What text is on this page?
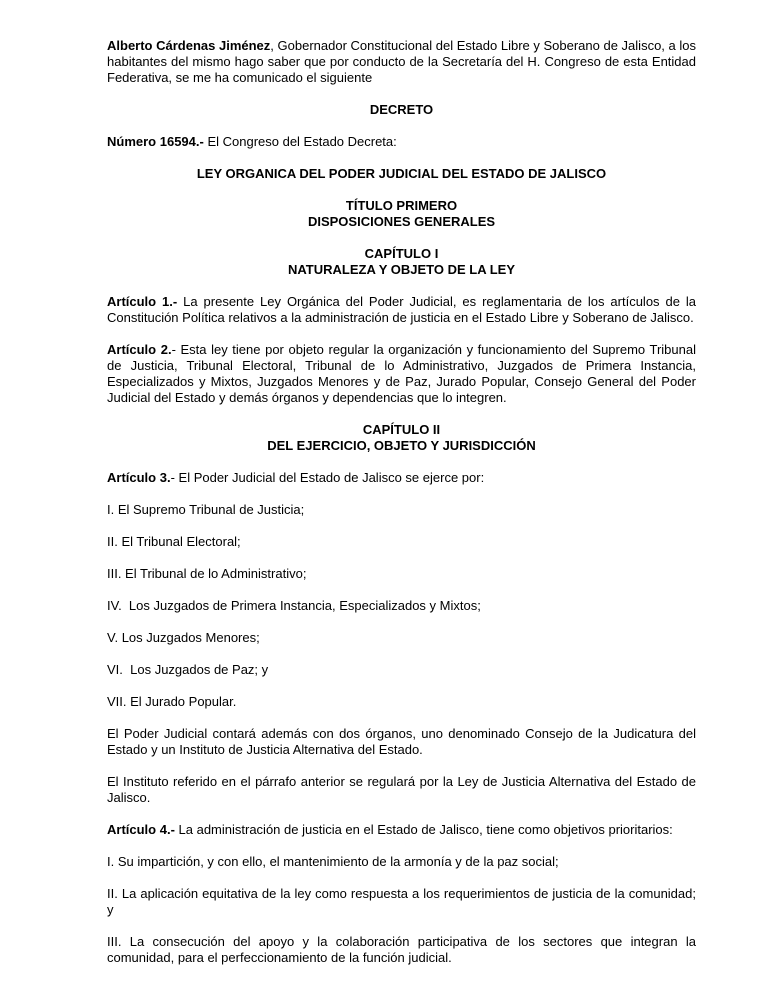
Alberto Cárdenas Jiménez, Gobernador Constitucional del Estado Libre y Soberano de Jalisco, a los habitantes del mismo hago saber que por conducto de la Secretaría del H. Congreso de esta Entidad Federativa, se me ha comunicado el siguiente

DECRETO

Número 16594.- El Congreso del Estado Decreta:

LEY ORGANICA DEL PODER JUDICIAL DEL ESTADO DE JALISCO

TÍTULO PRIMERO

DISPOSICIONES GENERALES

CAPÍTULO I

NATURALEZA Y OBJETO DE LA LEY

Artículo 1.- La presente Ley Orgánica del Poder Judicial, es reglamentaria de los artículos de la Constitución Política relativos a la administración de justicia en el Estado Libre y Soberano de Jalisco.

Artículo 2.- Esta ley tiene por objeto regular la organización y funcionamiento del Supremo Tribunal de Justicia, Tribunal Electoral, Tribunal de lo Administrativo, Juzgados de Primera Instancia, Especializados y Mixtos, Juzgados Menores y de Paz, Jurado Popular, Consejo General del Poder Judicial del Estado y demás órganos y dependencias que lo integren.

CAPÍTULO II

DEL EJERCICIO, OBJETO Y JURISDICCIÓN

Artículo 3.- El Poder Judicial del Estado de Jalisco se ejerce por:

I. El Supremo Tribunal de Justicia;

II. El Tribunal Electoral;

III. El Tribunal de lo Administrativo;

IV.  Los Juzgados de Primera Instancia, Especializados y Mixtos;

V. Los Juzgados Menores;

VI.  Los Juzgados de Paz; y

VII. El Jurado Popular.

El Poder Judicial contará además con dos órganos, uno denominado Consejo de la Judicatura del Estado y un Instituto de Justicia Alternativa del Estado.

El Instituto referido en el párrafo anterior se regulará por la Ley de Justicia Alternativa del Estado de Jalisco.

Artículo 4.- La administración de justicia en el Estado de Jalisco, tiene como objetivos prioritarios:

I. Su impartición, y con ello, el mantenimiento de la armonía y de la paz social;

II. La aplicación equitativa de la ley como respuesta a los requerimientos de justicia de la comunidad; y

III. La consecución del apoyo y la colaboración participativa de los sectores que integran la comunidad, para el perfeccionamiento de la función judicial.
